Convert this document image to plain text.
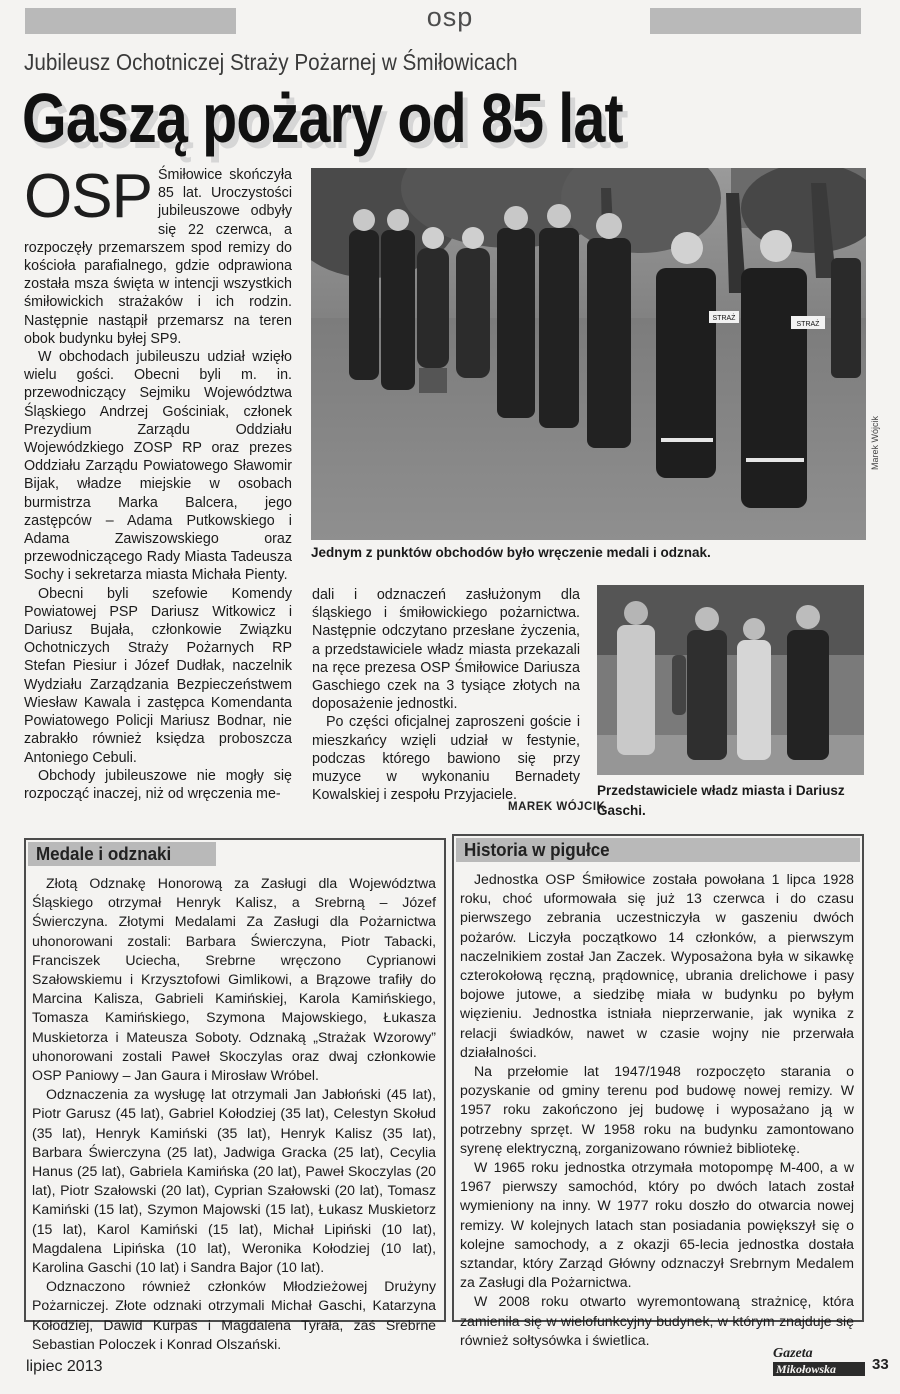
osp
Jubileusz Ochotniczej Straży Pożarnej w Śmiłowicach
Gaszą pożary od 85 lat

OSP Śmiłowice skończyła 85 lat. Uroczystości jubileuszowe odbyły się 22 czerwca, a rozpoczęły przemarszem spod remizy do kościoła parafialnego, gdzie odprawiona została msza święta w intencji wszystkich śmiłowickich strażaków i ich rodzin. Następnie nastąpił przemarsz na teren obok budynku byłej SP9.

W obchodach jubileuszu udział wzięło wielu gości. Obecni byli m. in. przewodniczący Sejmiku Województwa Śląskiego Andrzej Gościniak, członek Prezydium Zarządu Oddziału Wojewódzkiego ZOSP RP oraz prezes Oddziału Zarządu Powiatowego Sławomir Bijak, władze miejskie w osobach burmistrza Marka Balcera, jego zastępców – Adama Putkowskiego i Adama Zawiszowskiego oraz przewodniczącego Rady Miasta Tadeusza Sochy i sekretarza miasta Michała Pienty.

Obecni byli szefowie Komendy Powiatowej PSP Dariusz Witkowicz i Dariusz Bujała, członkowie Związku Ochotniczych Straży Pożarnych RP Stefan Piesiur i Józef Dudłak, naczelnik Wydziału Zarządzania Bezpieczeństwem Wiesław Kawala i zastępca Komendanta Powiatowego Policji Mariusz Bodnar, nie zabrakło również księdza proboszcza Antoniego Cebuli.

Obchody jubileuszowe nie mogły się rozpocząć inaczej, niż od wręczenia me-

STRAŻ
STRAŻ
Marek Wójcik
Jednym z punktów obchodów było wręczenie medali i odznak.

dali i odznaczeń zasłużonym dla śląskiego i śmiłowickiego pożarnictwa. Następnie odczytano przesłane życzenia, a przedstawiciele władz miasta przekazali na ręce prezesa OSP Śmiłowice Dariusza Gaschiego czek na 3 tysiące złotych na doposażenie jednostki.

Po części oficjalnej zaproszeni goście i mieszkańcy wzięli udział w festynie, podczas którego bawiono się przy muzyce w wykonaniu Bernadety Kowalskiej i zespołu Przyjaciele.

MAREK WÓJCIK
Przedstawiciele władz miasta i Dariusz Gaschi.
Medale i odznaki

Złotą Odznakę Honorową za Zasługi dla Województwa Śląskiego otrzymał Henryk Kalisz, a Srebrną – Józef Świerczyna. Złotymi Medalami Za Zasługi dla Pożarnictwa uhonorowani zostali: Barbara Świerczyna, Piotr Tabacki, Franciszek Uciecha, Srebrne wręczono Cyprianowi Szałowskiemu i Krzysztofowi Gimlikowi, a Brązowe trafiły do Marcina Kalisza, Gabrieli Kamińskiej, Karola Kamińskiego, Tomasza Kamińskiego, Szymona Majowskiego, Łukasza Muskietorza i Mateusza Soboty. Odznaką „Strażak Wzorowy” uhonorowani zostali Paweł Skoczylas oraz dwaj członkowie OSP Paniowy – Jan Gaura i Mirosław Wróbel.

Odznaczenia za wysługę lat otrzymali Jan Jabłoński (45 lat), Piotr Garusz (45 lat), Gabriel Kołodziej (35 lat), Celestyn Skołud (35 lat), Henryk Kamiński (35 lat), Henryk Kalisz (35 lat), Barbara Świerczyna (25 lat), Jadwiga Gracka (25 lat), Cecylia Hanus (25 lat), Gabriela Kamińska (20 lat), Paweł Skoczylas (20 lat), Piotr Szałowski (20 lat), Cyprian Szałowski (20 lat), Tomasz Kamiński (15 lat), Szymon Majowski (15 lat), Łukasz Muskietorz (15 lat), Karol Kamiński (15 lat), Michał Lipiński (10 lat), Magdalena Lipińska (10 lat), Weronika Kołodziej (10 lat), Karolina Gaschi (10 lat) i Sandra Bajor (10 lat).

Odznaczono również członków Młodzieżowej Drużyny Pożarniczej. Złote odznaki otrzymali Michał Gaschi, Katarzyna Kołodziej, Dawid Kurpas i Magdalena Tyrała, zaś Srebrne Sebastian Poloczek i Konrad Olszański.

Historia w pigułce

Jednostka OSP Śmiłowice została powołana 1 lipca 1928 roku, choć uformowała się już 13 czerwca i do czasu pierwszego zebrania uczestniczyła w gaszeniu dwóch pożarów. Liczyła początkowo 14 członków, a pierwszym naczelnikiem został Jan Zaczek. Wyposażona była w sikawkę czterokołową ręczną, prądownicę, ubrania drelichowe i pasy bojowe jutowe, a siedzibę miała w budynku po byłym więzieniu. Jednostka istniała nieprzerwanie, jak wynika z relacji świadków, nawet w czasie wojny nie przerwała działalności.

Na przełomie lat 1947/1948 rozpoczęto starania o pozyskanie od gminy terenu pod budowę nowej remizy. W 1957 roku zakończono jej budowę i wyposażano ją w potrzebny sprzęt. W 1958 roku na budynku zamontowano syrenę elektryczną, zorganizowano również bibliotekę.

W 1965 roku jednostka otrzymała motopompę M-400, a w 1967 pierwszy samochód, który po dwóch latach został wymieniony na inny. W 1977 roku doszło do otwarcia nowej remizy. W kolejnych latach stan posiadania powiększył się o kolejne samochody, a z okazji 65-lecia jednostka dostała sztandar, który Zarząd Główny odznaczył Srebrnym Medalem za Zasługi dla Pożarnictwa.

W 2008 roku otwarto wyremontowaną strażnicę, która zamieniła się w wielofunkcyjny budynek, w którym znajduje się również sołtysówka i świetlica.

lipiec 2013
Gazeta
Mikołowska	33
